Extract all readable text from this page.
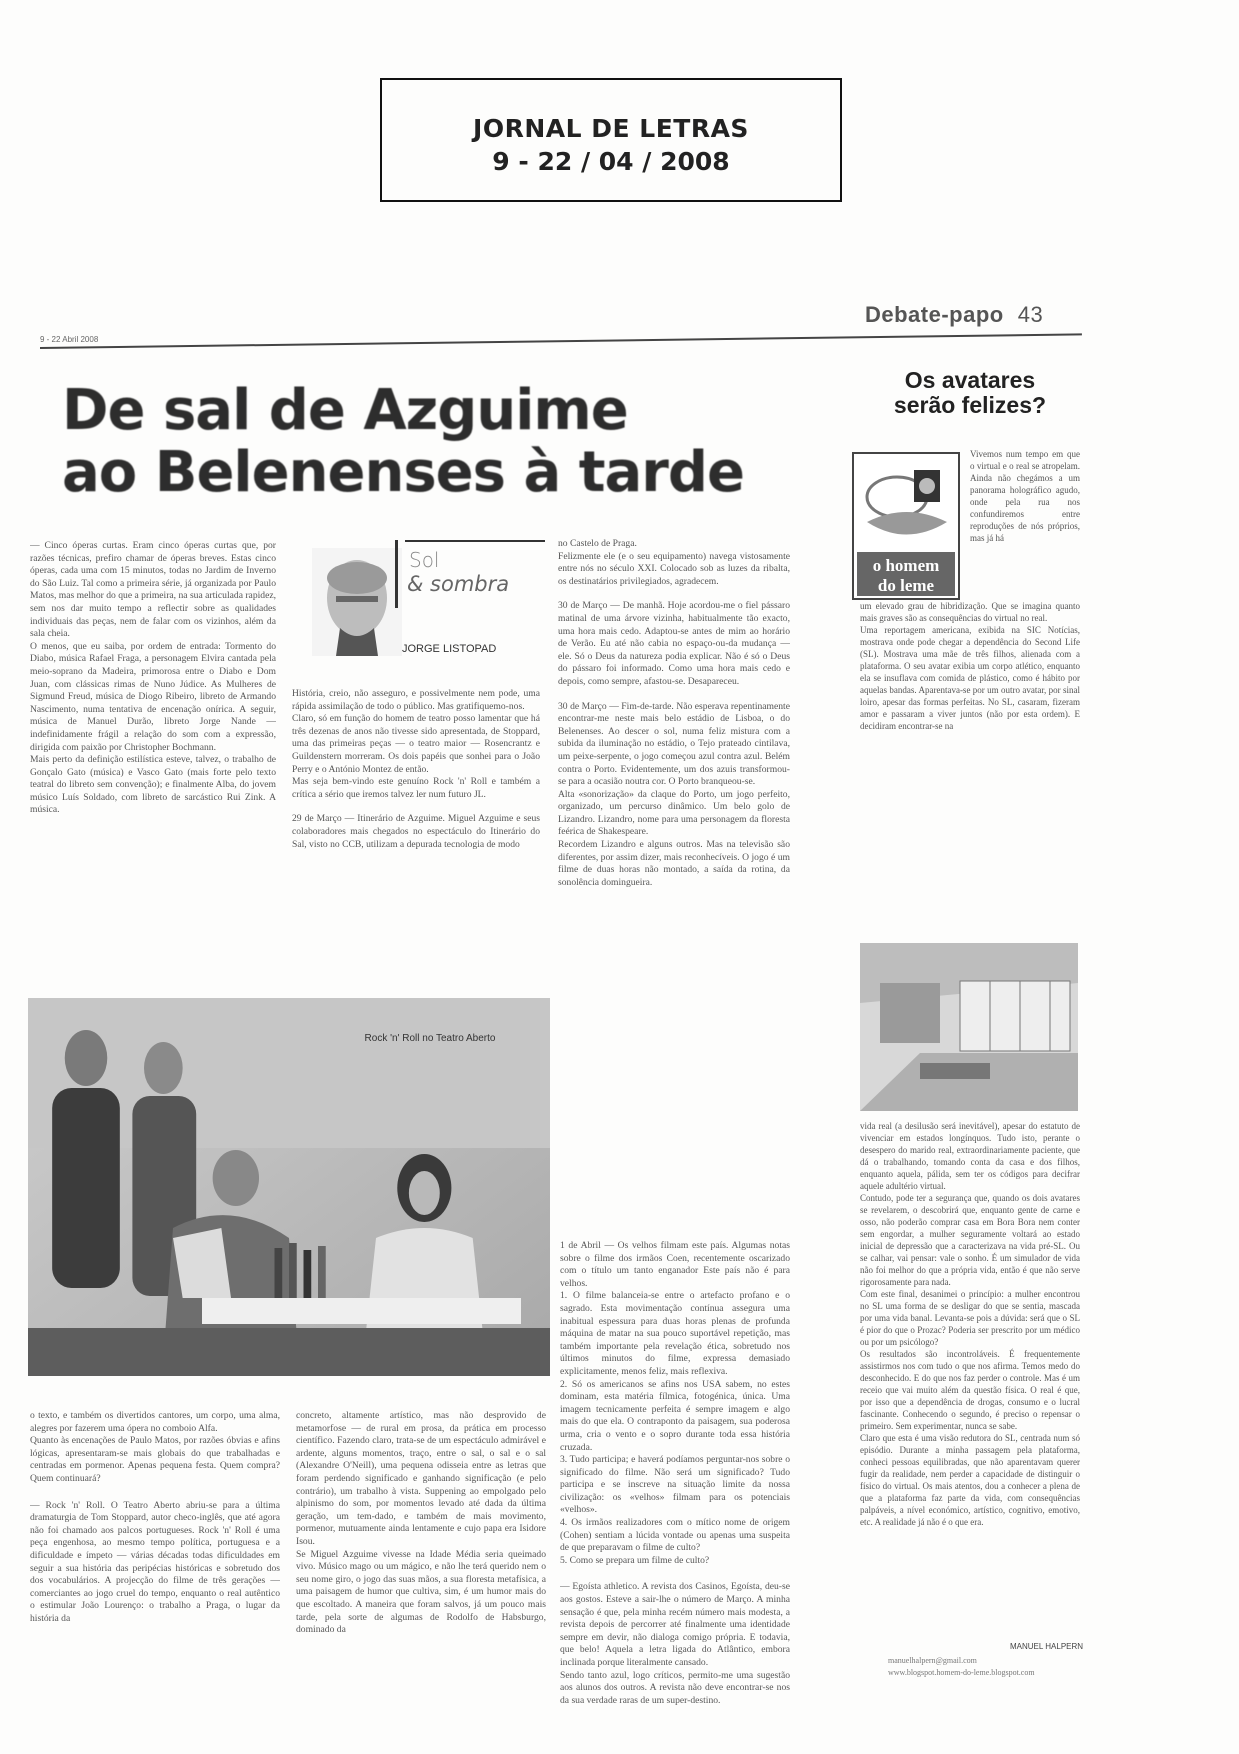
JORNAL DE LETRAS
9 - 22 / 04 / 2008
9 - 22 Abril 2008
Debate-papo 43
De sal de Azguime
ao Belenenses à tarde
Os avatares
serão felizes?
Sol
& sombra
JORGE LISTOPAD

— Cinco óperas curtas. Eram cinco óperas curtas que, por razões técnicas, prefiro chamar de óperas breves. Estas cinco óperas, cada uma com 15 minutos, todas no Jardim de Inverno do São Luiz. Tal como a primeira série, já organizada por Paulo Matos, mas melhor do que a primeira, na sua articulada rapidez, sem nos dar muito tempo a reflectir sobre as qualidades individuais das peças, nem de falar com os vizinhos, além da sala cheia.

O menos, que eu saiba, por ordem de entrada: Tormento do Diabo, música Rafael Fraga, a personagem Elvira cantada pela meio-soprano da Madeira, primorosa entre o Diabo e Dom Juan, com clássicas rimas de Nuno Júdice. As Mulheres de Sigmund Freud, música de Diogo Ribeiro, libreto de Armando Nascimento, numa tentativa de encenação onírica. A seguir, música de Manuel Durão, libreto Jorge Nande — indefinidamente frágil a relação do som com a expressão, dirigida com paixão por Christopher Bochmann.

Mais perto da definição estilística esteve, talvez, o trabalho de Gonçalo Gato (música) e Vasco Gato (mais forte pelo texto teatral do libreto sem convenção); e finalmente Alba, do jovem músico Luís Soldado, com libreto de sarcástico Rui Zink. A música.

História, creio, não asseguro, e possivelmente nem pode, uma rápida assimilação de todo o público. Mas gratifiquemo-nos.

Claro, só em função do homem de teatro posso lamentar que há três dezenas de anos não tivesse sido apresentada, de Stoppard, uma das primeiras peças — o teatro maior — Rosencrantz e Guildenstern morreram. Os dois papéis que sonhei para o João Perry e o António Montez de então.

Mas seja bem-vindo este genuíno Rock 'n' Roll e também a crítica a sério que iremos talvez ler num futuro JL.

29 de Março — Itinerário de Azguime. Miguel Azguime e seus colaboradores mais chegados no espectáculo do Itinerário do Sal, visto no CCB, utilizam a depurada tecnologia de modo

no Castelo de Praga.

Felizmente ele (e o seu equipamento) navega vistosamente entre nós no século XXI. Colocado sob as luzes da ribalta, os destinatários privilegiados, agradecem.

30 de Março — De manhã. Hoje acordou-me o fiel pássaro matinal de uma árvore vizinha, habitualmente tão exacto, uma hora mais cedo. Adaptou-se antes de mim ao horário de Verão. Eu até não cabia no espaço-ou-da mudança — ele. Só o Deus da natureza podia explicar. Não é só o Deus do pássaro foi informado. Como uma hora mais cedo e depois, como sempre, afastou-se. Desapareceu.

30 de Março — Fim-de-tarde. Não esperava repentinamente encontrar-me neste mais belo estádio de Lisboa, o do Belenenses. Ao descer o sol, numa feliz mistura com a subida da iluminação no estádio, o Tejo prateado cintilava, um peixe-serpente, o jogo começou azul contra azul. Belém contra o Porto. Evidentemente, um dos azuis transformou-se para a ocasião noutra cor. O Porto branqueou-se.

Alta «sonorização» da claque do Porto, um jogo perfeito, organizado, um percurso dinâmico. Um belo golo de Lizandro. Lizandro, nome para uma personagem da floresta feérica de Shakespeare.

Recordem Lizandro e alguns outros. Mas na televisão são diferentes, por assim dizer, mais reconhecíveis. O jogo é um filme de duas horas não montado, a saída da rotina, da sonolência domingueira.

o texto, e também os divertidos cantores, um corpo, uma alma, alegres por fazerem uma ópera no comboio Alfa.

Quanto às encenações de Paulo Matos, por razões óbvias e afins lógicas, apresentaram-se mais globais do que trabalhadas e centradas em pormenor. Apenas pequena festa. Quem compra? Quem continuará?

— Rock 'n' Roll. O Teatro Aberto abriu-se para a última dramaturgia de Tom Stoppard, autor checo-inglês, que até agora não foi chamado aos palcos portugueses. Rock 'n' Roll é uma peça engenhosa, ao mesmo tempo política, portuguesa e a dificuldade e ímpeto — várias décadas todas dificuldades em seguir a sua história das peripécias históricas e sobretudo dos dos vocabulários. A projecção do filme de três gerações — comerciantes ao jogo cruel do tempo, enquanto o real autêntico o estimular João Lourenço: o trabalho a Praga, o lugar da história da

concreto, altamente artístico, mas não desprovido de metamorfose — de rural em prosa, da prática em processo científico. Fazendo claro, trata-se de um espectáculo admirável e ardente, alguns momentos, traço, entre o sal, o sal e o sal (Alexandre O'Neill), uma pequena odisseia entre as letras que foram perdendo significado e ganhando significação (e pelo contrário), um trabalho à vista. Suppening ao empolgado pelo alpinismo do som, por momentos levado até dada da última geração, um tem-dado, e também de mais movimento, pormenor, mutuamente ainda lentamente e cujo papa era Isidore Isou.

Se Miguel Azguime vivesse na Idade Média seria queimado vivo. Músico mago ou um mágico, e não lhe terá querido nem o seu nome giro, o jogo das suas mãos, a sua floresta metafísica, a uma paisagem de humor que cultiva, sim, é um humor mais do que escoltado. A maneira que foram salvos, já um pouco mais tarde, pela sorte de algumas de Rodolfo de Habsburgo, dominado da

Rock 'n' Roll no Teatro Aberto

1 de Abril — Os velhos filmam este país. Algumas notas sobre o filme dos irmãos Coen, recentemente oscarizado com o título um tanto enganador Este país não é para velhos.

1. O filme balanceia-se entre o artefacto profano e o sagrado. Esta movimentação contínua assegura uma inabitual espessura para duas horas plenas de profunda máquina de matar na sua pouco suportável repetição, mas também importante pela revelação ética, sobretudo nos últimos minutos do filme, expressa demasiado explicitamente, menos feliz, mais reflexiva.

2. Só os americanos se afins nos USA sabem, no estes dominam, esta matéria fílmica, fotogénica, única. Uma imagem tecnicamente perfeita é sempre imagem e algo mais do que ela. O contraponto da paisagem, sua poderosa urma, cria o vento e o sopro durante toda essa história cruzada.

3. Tudo participa; e haverá podíamos perguntar-nos sobre o significado do filme. Não será um significado? Tudo participa e se inscreve na situação limite da nossa civilização: os «velhos» filmam para os potenciais «velhos».

4. Os irmãos realizadores com o mítico nome de origem (Cohen) sentiam a lúcida vontade ou apenas uma suspeita de que preparavam o filme de culto?

5. Como se prepara um filme de culto?

— Egoísta athletico. A revista dos Casinos, Egoísta, deu-se aos gostos. Esteve a sair-lhe o número de Março. A minha sensação é que, pela minha recém número mais modesta, a revista depois de percorrer até finalmente uma identidade sempre em devir, não dialoga comigo própria. E todavia, que belo! Aquela a letra ligada do Atlântico, embora inclinada porque literalmente cansado.

Sendo tanto azul, logo críticos, permito-me uma sugestão aos alunos dos outros. A revista não deve encontrar-se nos da sua verdade raras de um super-destino.

o homem
do leme
Vivemos num tempo em que o virtual e o real se atropelam. Ainda não chegámos a um panorama holográfico agudo, onde pela rua nos confundiremos entre reproduções de nós próprios, mas já há

um elevado grau de hibridização. Que se imagina quanto mais graves são as consequências do virtual no real.

Uma reportagem americana, exibida na SIC Notícias, mostrava onde pode chegar a dependência do Second Life (SL). Mostrava uma mãe de três filhos, alienada com a plataforma. O seu avatar exibia um corpo atlético, enquanto ela se insuflava com comida de plástico, como é hábito por aquelas bandas. Aparentava-se por um outro avatar, por sinal loiro, apesar das formas perfeitas. No SL, casaram, fizeram amor e passaram a viver juntos (não por esta ordem). E decidiram encontrar-se na

vida real (a desilusão será inevitável), apesar do estatuto de vivenciar em estados longínquos. Tudo isto, perante o desespero do marido real, extraordinariamente paciente, que dá o trabalhando, tomando conta da casa e dos filhos, enquanto aquela, pálida, sem ter os códigos para decifrar aquele adultério virtual.

Contudo, pode ter a segurança que, quando os dois avatares se revelarem, o descobrirá que, enquanto gente de carne e osso, não poderão comprar casa em Bora Bora nem conter sem engordar, a mulher seguramente voltará ao estado inicial de depressão que a caracterizava na vida pré-SL. Ou se calhar, vai pensar: vale o sonho. É um simulador de vida não foi melhor do que a própria vida, então é que não serve rigorosamente para nada.

Com este final, desanimei o princípio: a mulher encontrou no SL uma forma de se desligar do que se sentia, mascada por uma vida banal. Levanta-se pois a dúvida: será que o SL é pior do que o Prozac? Poderia ser prescrito por um médico ou por um psicólogo?

Os resultados são incontroláveis. É frequentemente assistirmos nos com tudo o que nos afirma. Temos medo do desconhecido. E do que nos faz perder o controle. Mas é um receio que vai muito além da questão física. O real é que, por isso que a dependência de drogas, consumo e o lucral fascinante. Conhecendo o segundo, é preciso o repensar o primeiro. Sem experimentar, nunca se sabe.

Claro que esta é uma visão redutora do SL, centrada num só episódio. Durante a minha passagem pela plataforma, conheci pessoas equilibradas, que não aparentavam querer fugir da realidade, nem perder a capacidade de distinguir o físico do virtual. Os mais atentos, dou a conhecer a plena de que a plataforma faz parte da vida, com consequências palpáveis, a nível económico, artístico, cognitivo, emotivo, etc. A realidade já não é o que era.

MANUEL HALPERN
manuelhalpern@gmail.com
www.blogspot.homem-do-leme.blogspot.com
